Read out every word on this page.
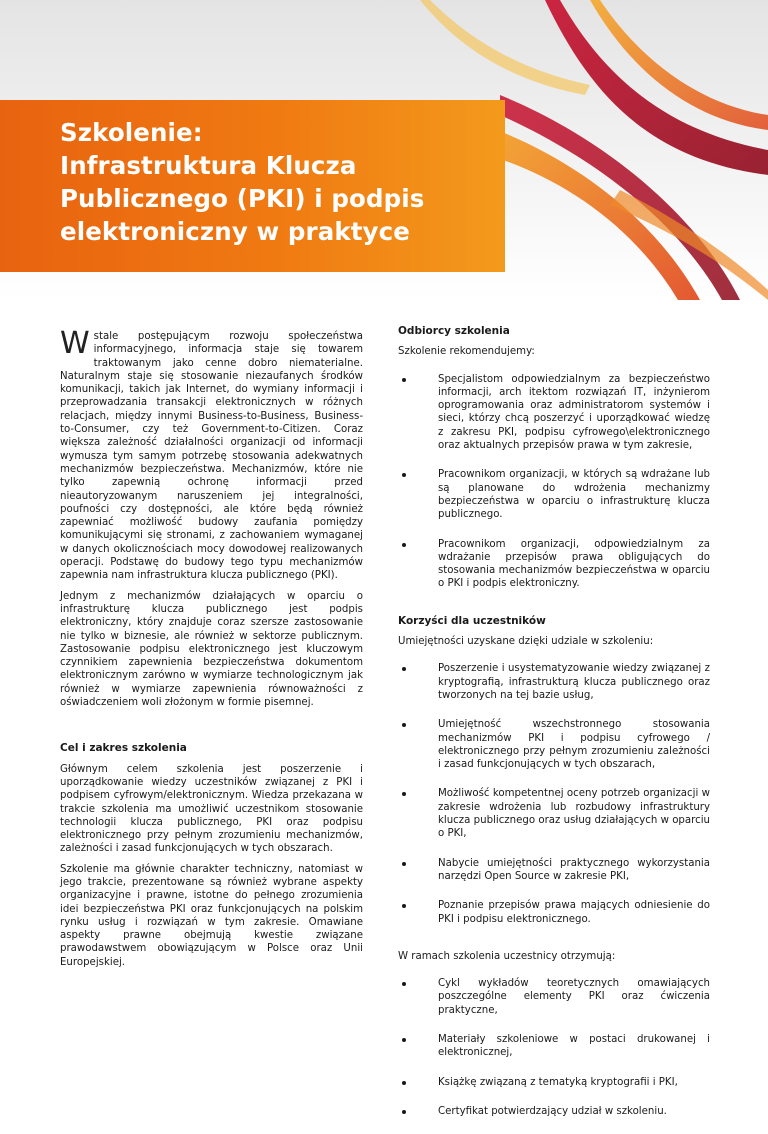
Szkolenie:
Infrastruktura Klucza
Publicznego (PKI) i podpis
elektroniczny w praktyce

W stale postępującym rozwoju społeczeństwa informacyjnego, informacja staje się towarem traktowanym jako cenne dobro niematerialne. Naturalnym staje się stosowanie niezaufanych środków komunikacji, takich jak Internet, do wymiany informacji i przeprowadzania transakcji elektronicznych w różnych relacjach, między innymi Business-to-Business, Business-to-Consumer, czy też Government-to-Citizen. Coraz większa zależność działalności organizacji od informacji wymusza tym samym potrzebę stosowania adekwatnych mechanizmów bezpieczeństwa. Mechanizmów, które nie tylko zapewnią ochronę informacji przed nieautoryzowanym naruszeniem jej integralności, poufności czy dostępności, ale które będą również zapewniać możliwość budowy zaufania pomiędzy komunikującymi się stronami, z zachowaniem wymaganej w danych okolicznościach mocy dowodowej realizowanych operacji. Podstawę do budowy tego typu mechanizmów zapewnia nam infrastruktura klucza publicznego (PKI).

Jednym z mechanizmów działających w oparciu o infrastrukturę klucza publicznego jest podpis elektroniczny, który znajduje coraz szersze zastosowanie nie tylko w biznesie, ale również w sektorze publicznym. Zastosowanie podpisu elektronicznego jest kluczowym czynnikiem zapewnienia bezpieczeństwa dokumentom elektronicznym zarówno w wymiarze technologicznym jak również w wymiarze zapewnienia równoważności z oświadczeniem woli złożonym w formie pisemnej.

Cel i zakres szkolenia

Głównym celem szkolenia jest poszerzenie i uporządkowanie wiedzy uczestników związanej z PKI i podpisem cyfrowym/elektronicznym. Wiedza przekazana w trakcie szkolenia ma umożliwić uczestnikom stosowanie technologii klucza publicznego, PKI oraz podpisu elektronicznego przy pełnym zrozumieniu mechanizmów, zależności i zasad funkcjonujących w tych obszarach.

Szkolenie ma głównie charakter techniczny, natomiast w jego trakcie, prezentowane są również wybrane aspekty organizacyjne i prawne, istotne do pełnego zrozumienia idei bezpieczeństwa PKI oraz funkcjonujących na polskim rynku usług i rozwiązań w tym zakresie. Omawiane aspekty prawne obejmują kwestie związane prawodawstwem obowiązującym w Polsce oraz Unii Europejskiej.

Odbiorcy szkolenia

Szkolenie rekomendujemy:

Specjalistom odpowiedzialnym za bezpieczeństwo informacji, arch itektom rozwiązań IT, inżynierom oprogramowania oraz administratorom systemów i sieci, którzy chcą poszerzyć i uporządkować wiedzę z zakresu PKI, podpisu cyfrowego\elektronicznego oraz aktualnych przepisów prawa w tym zakresie,
Pracownikom organizacji, w których są wdrażane lub są planowane do wdrożenia mechanizmy bezpieczeństwa w oparciu o infrastrukturę klucza publicznego.
Pracownikom organizacji, odpowiedzialnym za wdrażanie przepisów prawa obligujących do stosowania mechanizmów bezpieczeństwa w oparciu o PKI i podpis elektroniczny.
Korzyści dla uczestników

Umiejętności uzyskane dzięki udziale w szkoleniu:

Poszerzenie i usystematyzowanie wiedzy związanej z kryptografią, infrastrukturą klucza publicznego oraz tworzonych na tej bazie usług,
Umiejętność wszechstronnego stosowania mechanizmów PKI i podpisu cyfrowego / elektronicznego przy pełnym zrozumieniu zależności i zasad funkcjonujących w tych obszarach,
Możliwość kompetentnej oceny potrzeb organizacji w zakresie wdrożenia lub rozbudowy infrastruktury klucza publicznego oraz usług działających w oparciu o PKI,
Nabycie umiejętności praktycznego wykorzystania narzędzi Open Source w zakresie PKI,
Poznanie przepisów prawa mających odniesienie do PKI i podpisu elektronicznego.

W ramach szkolenia uczestnicy otrzymują:

Cykl wykładów teoretycznych omawiających poszczególne elementy PKI oraz ćwiczenia praktyczne,
Materiały szkoleniowe w postaci drukowanej i elektronicznej,
Książkę związaną z tematyką kryptografii i PKI,
Certyfikat potwierdzający udział w szkoleniu.
